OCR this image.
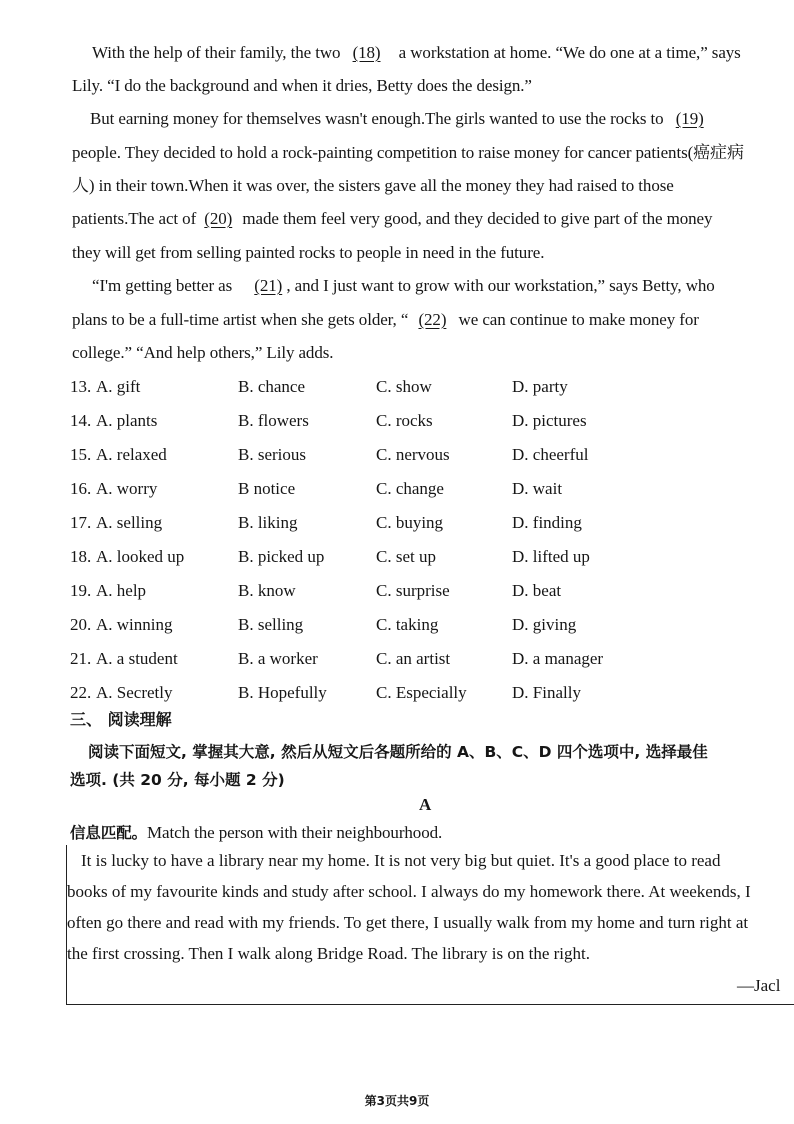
With the help of their family, the two (18) a workstation at home. “We do one at a time,” says
Lily. “I do the background and when it dries, Betty does the design.”
But earning money for themselves wasn't enough.The girls wanted to use the rocks to (19)
people. They decided to hold a rock-painting competition to raise money for cancer patients(癌症病
人) in their town.When it was over, the sisters gave all the money they had raised to those
patients.The act of (20) made them feel very good, and they decided to give part of the money
they will get from selling painted rocks to people in need in the future.
“I'm getting better as (21) , and I just want to grow with our workstation,” says Betty, who
plans to be a full-time artist when she gets older, “ (22) we can continue to make money for
college.” “And help others,” Lily adds.
13. A. gift	B. chance	C. show	D. party
14. A. plants	B. flowers	C. rocks	D. pictures
15. A. relaxed	B. serious	C. nervous	D. cheerful
16. A. worry	B notice	C. change	D. wait
17. A. selling	B. liking	C. buying	D. finding
18. A. looked up	B. picked up	C. set up	D. lifted up
19. A. help	B. know	C. surprise	D. beat
20. A. winning	B. selling	C. taking	D. giving
21. A. a student	B. a worker	C. an artist	D. a manager
22. A. Secretly	B. Hopefully	C. Especially	D. Finally
三、 阅读理解
阅读下面短文, 掌握其大意, 然后从短文后各题所给的 A、B、C、D 四个选项中, 选择最佳
选项. (共 20 分, 每小题 2 分)
A
信息匹配。Match the person with their neighbourhood.
It is lucky to have a library near my home. It is not very big but quiet. It's a good place to read
books of my favourite kinds and study after school. I always do my homework there. At weekends, I
often go there and read with my friends. To get there, I usually walk from my home and turn right at
the first crossing. Then I walk along Bridge Road. The library is on the right.
—Jacl
第3页共9页
